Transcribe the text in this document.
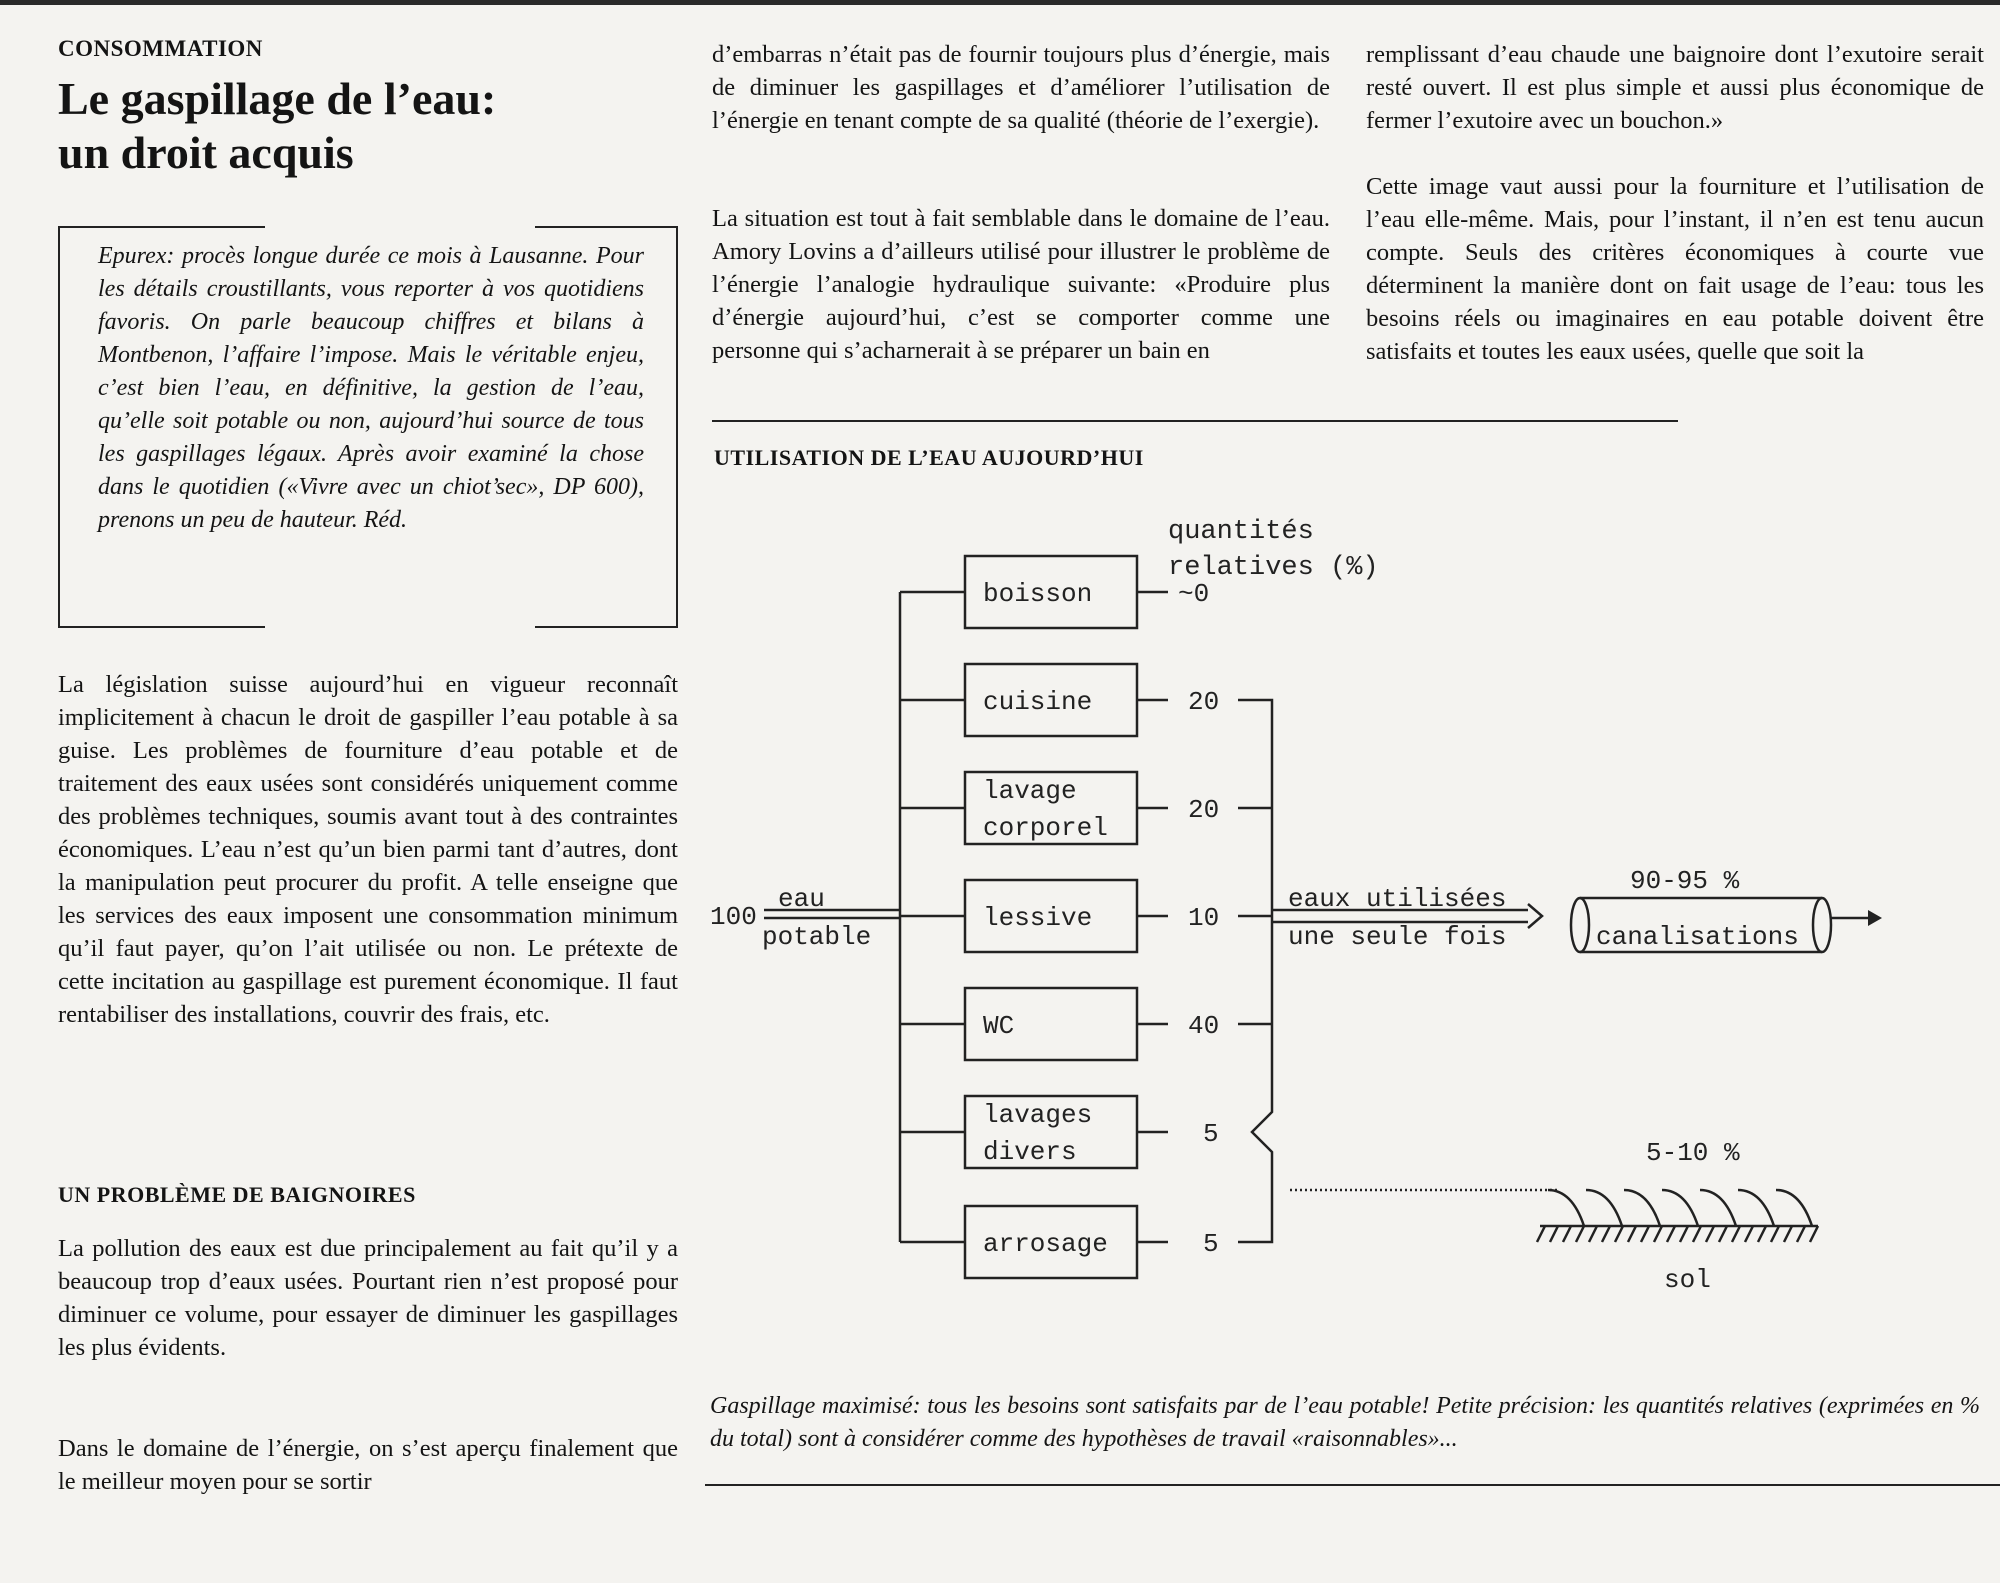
CONSOMMATION
Le gaspillage de l’eau:
un droit acquis

Epurex: procès longue durée ce mois à Lausanne. Pour les détails croustillants, vous reporter à vos quotidiens favoris. On parle beaucoup chiffres et bilans à Montbenon, l’affaire l’impose. Mais le véritable enjeu, c’est bien l’eau, en définitive, la gestion de l’eau, qu’elle soit potable ou non, aujourd’hui source de tous les gaspillages légaux. Après avoir examiné la chose dans le quotidien («Vivre avec un chiot’sec», DP 600), prenons un peu de hauteur. Réd.

La législation suisse aujourd’hui en vigueur reconnaît implicitement à chacun le droit de gaspiller l’eau potable à sa guise. Les problèmes de fourniture d’eau potable et de traitement des eaux usées sont considérés uniquement comme des problèmes techniques, soumis avant tout à des contraintes économiques. L’eau n’est qu’un bien parmi tant d’autres, dont la manipulation peut procurer du profit. A telle enseigne que les services des eaux imposent une consommation minimum qu’il faut payer, qu’on l’ait utilisée ou non. Le prétexte de cette incitation au gaspillage est purement économique. Il faut rentabiliser des installations, couvrir des frais, etc.

UN PROBLÈME DE BAIGNOIRES

La pollution des eaux est due principalement au fait qu’il y a beaucoup trop d’eaux usées. Pourtant rien n’est proposé pour diminuer ce volume, pour essayer de diminuer les gaspillages les plus évidents.

Dans le domaine de l’énergie, on s’est aperçu finalement que le meilleur moyen pour se sortir

d’embarras n’était pas de fournir toujours plus d’énergie, mais de diminuer les gaspillages et d’améliorer l’utilisation de l’énergie en tenant compte de sa qualité (théorie de l’exergie).

La situation est tout à fait semblable dans le domaine de l’eau. Amory Lovins a d’ailleurs utilisé pour illustrer le problème de l’énergie l’analogie hydraulique suivante: «Produire plus d’énergie aujourd’hui, c’est se comporter comme une personne qui s’acharnerait à se préparer un bain en

remplissant d’eau chaude une baignoire dont l’exutoire serait resté ouvert. Il est plus simple et aussi plus économique de fermer l’exutoire avec un bouchon.»

Cette image vaut aussi pour la fourniture et l’utilisation de l’eau elle-même. Mais, pour l’instant, il n’en est tenu aucun compte. Seuls des critères économiques à courte vue déterminent la manière dont on fait usage de l’eau: tous les besoins réels ou imaginaires en eau potable doivent être satisfaits et toutes les eaux usées, quelle que soit la

UTILISATION DE L’EAU AUJOURD’HUI
quantités
relatives (%)
100
eau
potable
boisson
cuisine
lavage
corporel
lessive
WC
lavages
divers
arrosage
~0
20
20
10
40
5
5
eaux utilisées
une seule fois
90-95 %
canalisations
5-10 %
sol
Gaspillage maximisé: tous les besoins sont satisfaits par de l’eau potable! Petite précision: les quantités relatives (exprimées en % du total) sont à considérer comme des hypothèses de travail «raisonnables»...
